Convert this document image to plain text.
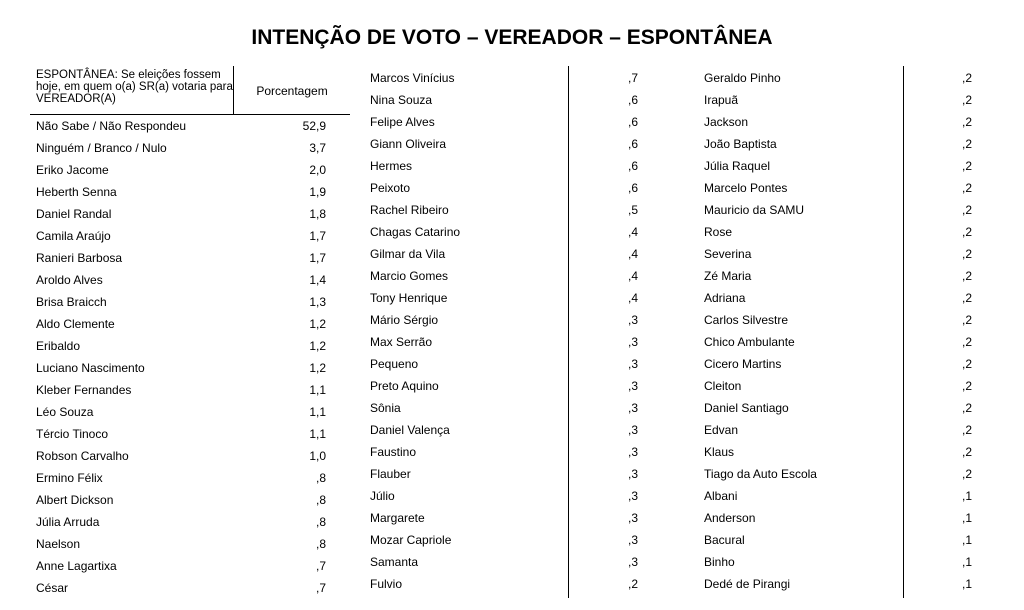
INTENÇÃO DE VOTO – VEREADOR – ESPONTÂNEA
ESPONTÂNEA: Se eleições fossem hoje, em quem o(a) SR(a) votaria para VEREADOR(A)
Porcentagem
Não Sabe / Não Respondeu	52,9
Ninguém / Branco / Nulo	3,7
Eriko Jacome	2,0
Heberth Senna	1,9
Daniel Randal	1,8
Camila Araújo	1,7
Ranieri Barbosa	1,7
Aroldo Alves	1,4
Brisa Braicch	1,3
Aldo Clemente	1,2
Eribaldo	1,2
Luciano Nascimento	1,2
Kleber Fernandes	1,1
Léo Souza	1,1
Tércio Tinoco	1,1
Robson Carvalho	1,0
Ermino Félix	,8
Albert Dickson	,8
Júlia Arruda	,8
Naelson	,8
Anne Lagartixa	,7
César	,7
Marcos Vinícius	,7
Nina Souza	,6
Felipe Alves	,6
Giann Oliveira	,6
Hermes	,6
Peixoto	,6
Rachel Ribeiro	,5
Chagas Catarino	,4
Gilmar da Vila	,4
Marcio Gomes	,4
Tony Henrique	,4
Mário Sérgio	,3
Max Serrão	,3
Pequeno	,3
Preto Aquino	,3
Sônia	,3
Daniel Valença	,3
Faustino	,3
Flauber	,3
Júlio	,3
Margarete	,3
Mozar Capriole	,3
Samanta	,3
Fulvio	,2
Geraldo Pinho	,2
Irapuã	,2
Jackson	,2
João Baptista	,2
Júlia Raquel	,2
Marcelo Pontes	,2
Mauricio da SAMU	,2
Rose	,2
Severina	,2
Zé Maria	,2
Adriana	,2
Carlos Silvestre	,2
Chico Ambulante	,2
Cicero Martins	,2
Cleiton	,2
Daniel Santiago	,2
Edvan	,2
Klaus	,2
Tiago da Auto Escola	,2
Albani	,1
Anderson	,1
Bacural	,1
Binho	,1
Dedé de Pirangi	,1
